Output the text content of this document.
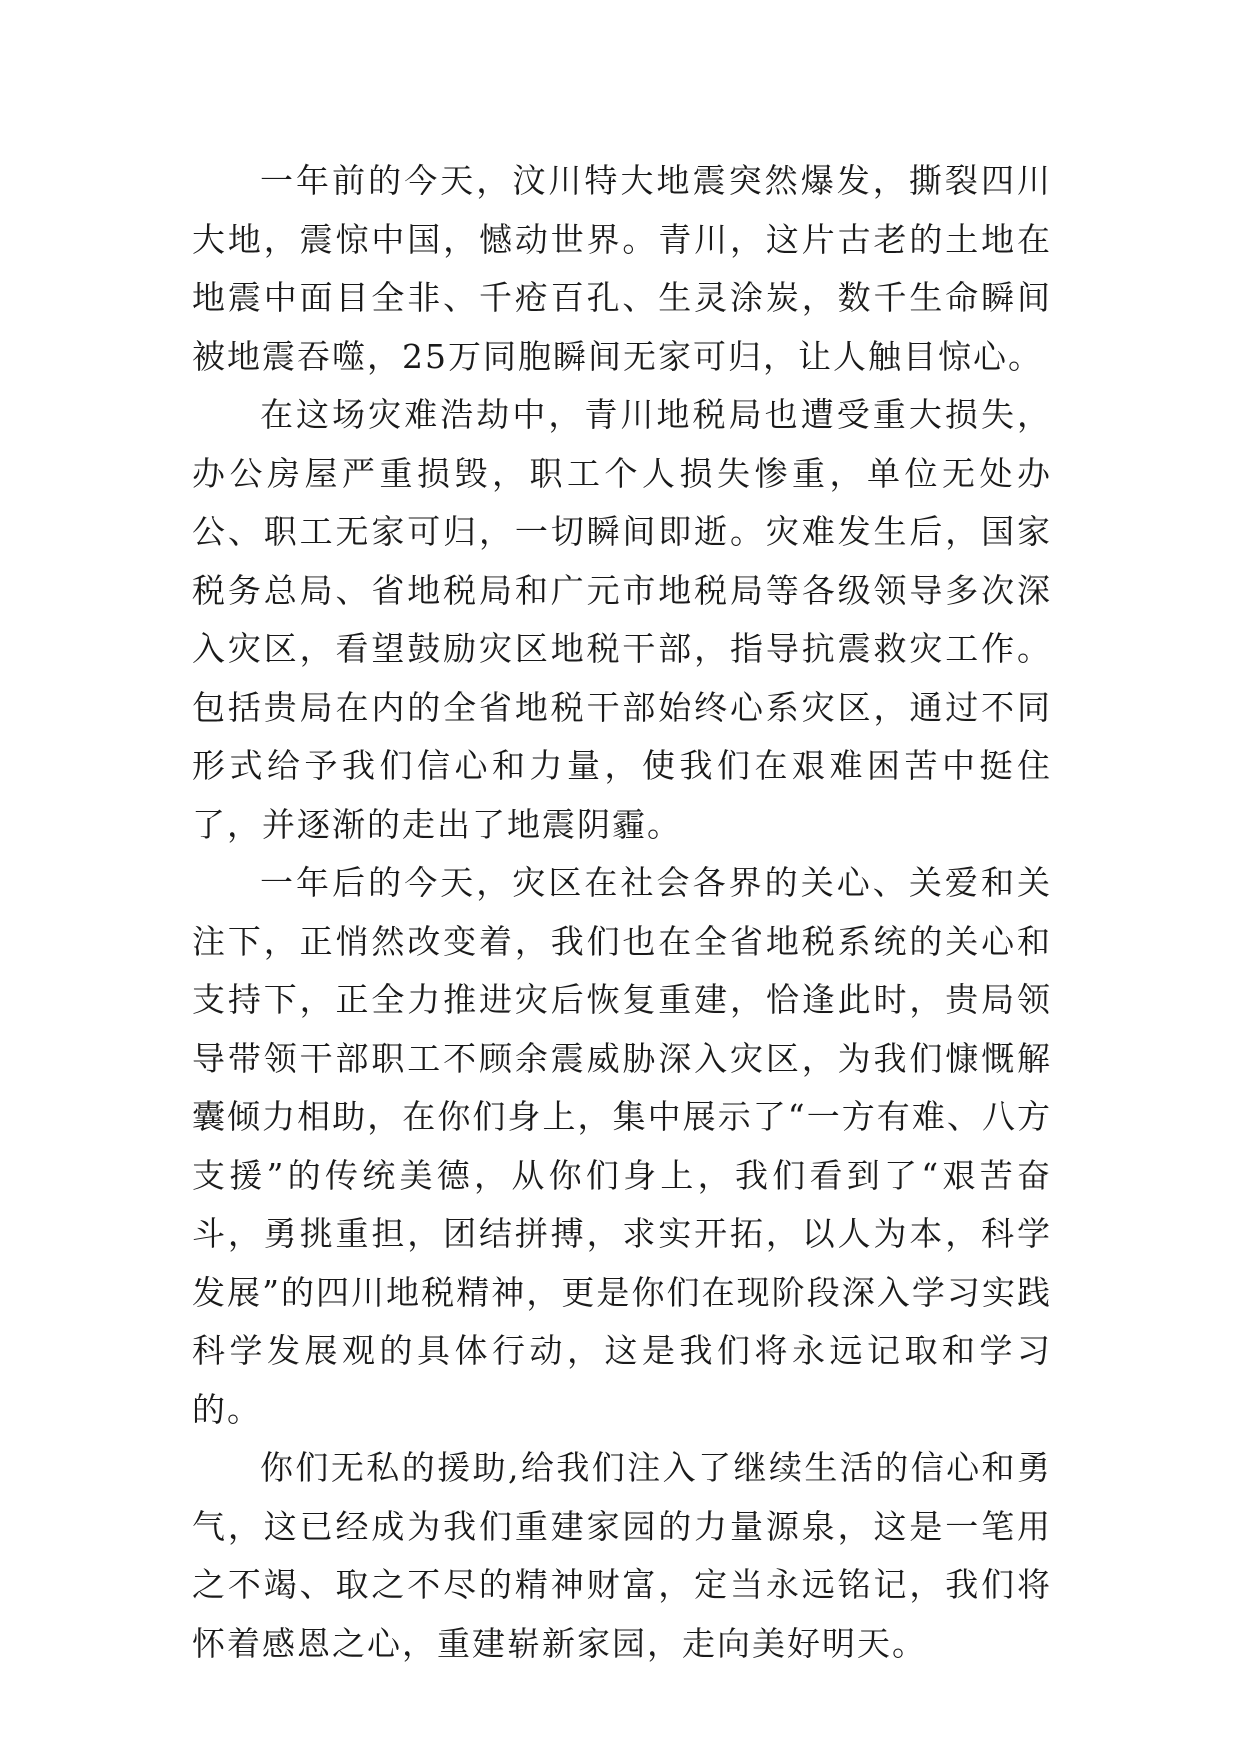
一年前的今天，汶川特大地震突然爆发，撕裂四川大地，震惊中国，憾动世界。青川，这片古老的土地在地震中面目全非、千疮百孔、生灵涂炭，数千生命瞬间被地震吞噬，25万同胞瞬间无家可归，让人触目惊心。

在这场灾难浩劫中，青川地税局也遭受重大损失，办公房屋严重损毁，职工个人损失惨重，单位无处办公、职工无家可归，一切瞬间即逝。灾难发生后，国家税务总局、省地税局和广元市地税局等各级领导多次深入灾区，看望鼓励灾区地税干部，指导抗震救灾工作。包括贵局在内的全省地税干部始终心系灾区，通过不同形式给予我们信心和力量，使我们在艰难困苦中挺住了，并逐渐的走出了地震阴霾。

一年后的今天，灾区在社会各界的关心、关爱和关注下，正悄然改变着，我们也在全省地税系统的关心和支持下，正全力推进灾后恢复重建，恰逢此时，贵局领导带领干部职工不顾余震威胁深入灾区，为我们慷慨解囊倾力相助，在你们身上，集中展示了“一方有难、八方支援”的传统美德，从你们身上，我们看到了“艰苦奋斗，勇挑重担，团结拼搏，求实开拓，以人为本，科学发展”的四川地税精神，更是你们在现阶段深入学习实践科学发展观的具体行动，这是我们将永远记取和学习的。

你们无私的援助,给我们注入了继续生活的信心和勇气，这已经成为我们重建家园的力量源泉，这是一笔用之不竭、取之不尽的精神财富，定当永远铭记，我们将怀着感恩之心，重建崭新家园，走向美好明天。
